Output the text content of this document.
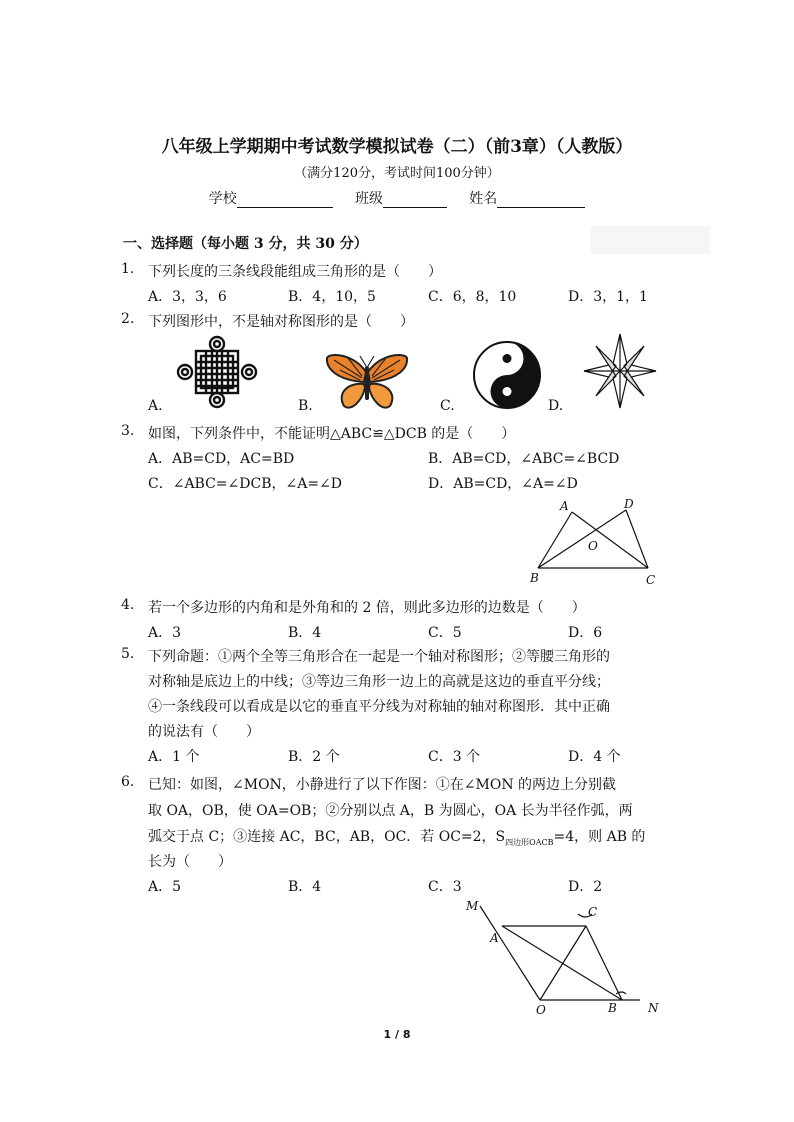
八年级上学期期中考试数学模拟试卷（二）（前3章）（人教版）
（满分120分，考试时间100分钟）
学校	班级	姓名
一、选择题（每小题 3 分，共 30 分）
1. 下列长度的三条线段能组成三角形的是（　　）
A．3，3，6	B．4，10，5	C．6，8，10	D．3，1，1
2. 下列图形中，不是轴对称图形的是（　　）
A.	B.	C.	D.
3. 如图，下列条件中，不能证明△ABC≌△DCB 的是（　　）
A．AB=CD，AC=BD	B．AB=CD，∠ABC=∠BCD
C．∠ABC=∠DCB，∠A=∠D	D．AB=CD，∠A=∠D
A	D
O
B	C
4. 若一个多边形的内角和是外角和的 2 倍，则此多边形的边数是（　　）
A．3	B．4	C．5	D．6
5. 下列命题：①两个全等三角形合在一起是一个轴对称图形；②等腰三角形的
对称轴是底边上的中线；③等边三角形一边上的高就是这边的垂直平分线；
④一条线段可以看成是以它的垂直平分线为对称轴的轴对称图形．其中正确
的说法有（　　）
A．1 个	B．2 个	C．3 个	D．4 个
6. 已知：如图，∠MON，小静进行了以下作图：①在∠MON 的两边上分别截
取 OA，OB，使 OA=OB；②分别以点 A，B 为圆心，OA 长为半径作弧，两
弧交于点 C；③连接 AC，BC，AB，OC．若 OC=2，$S_{四边形OACB}=4$，则 AB 的
长为（　　）
A．5	B．4	C．3	D．2
M	C
A
O	B	N
1 / 8
